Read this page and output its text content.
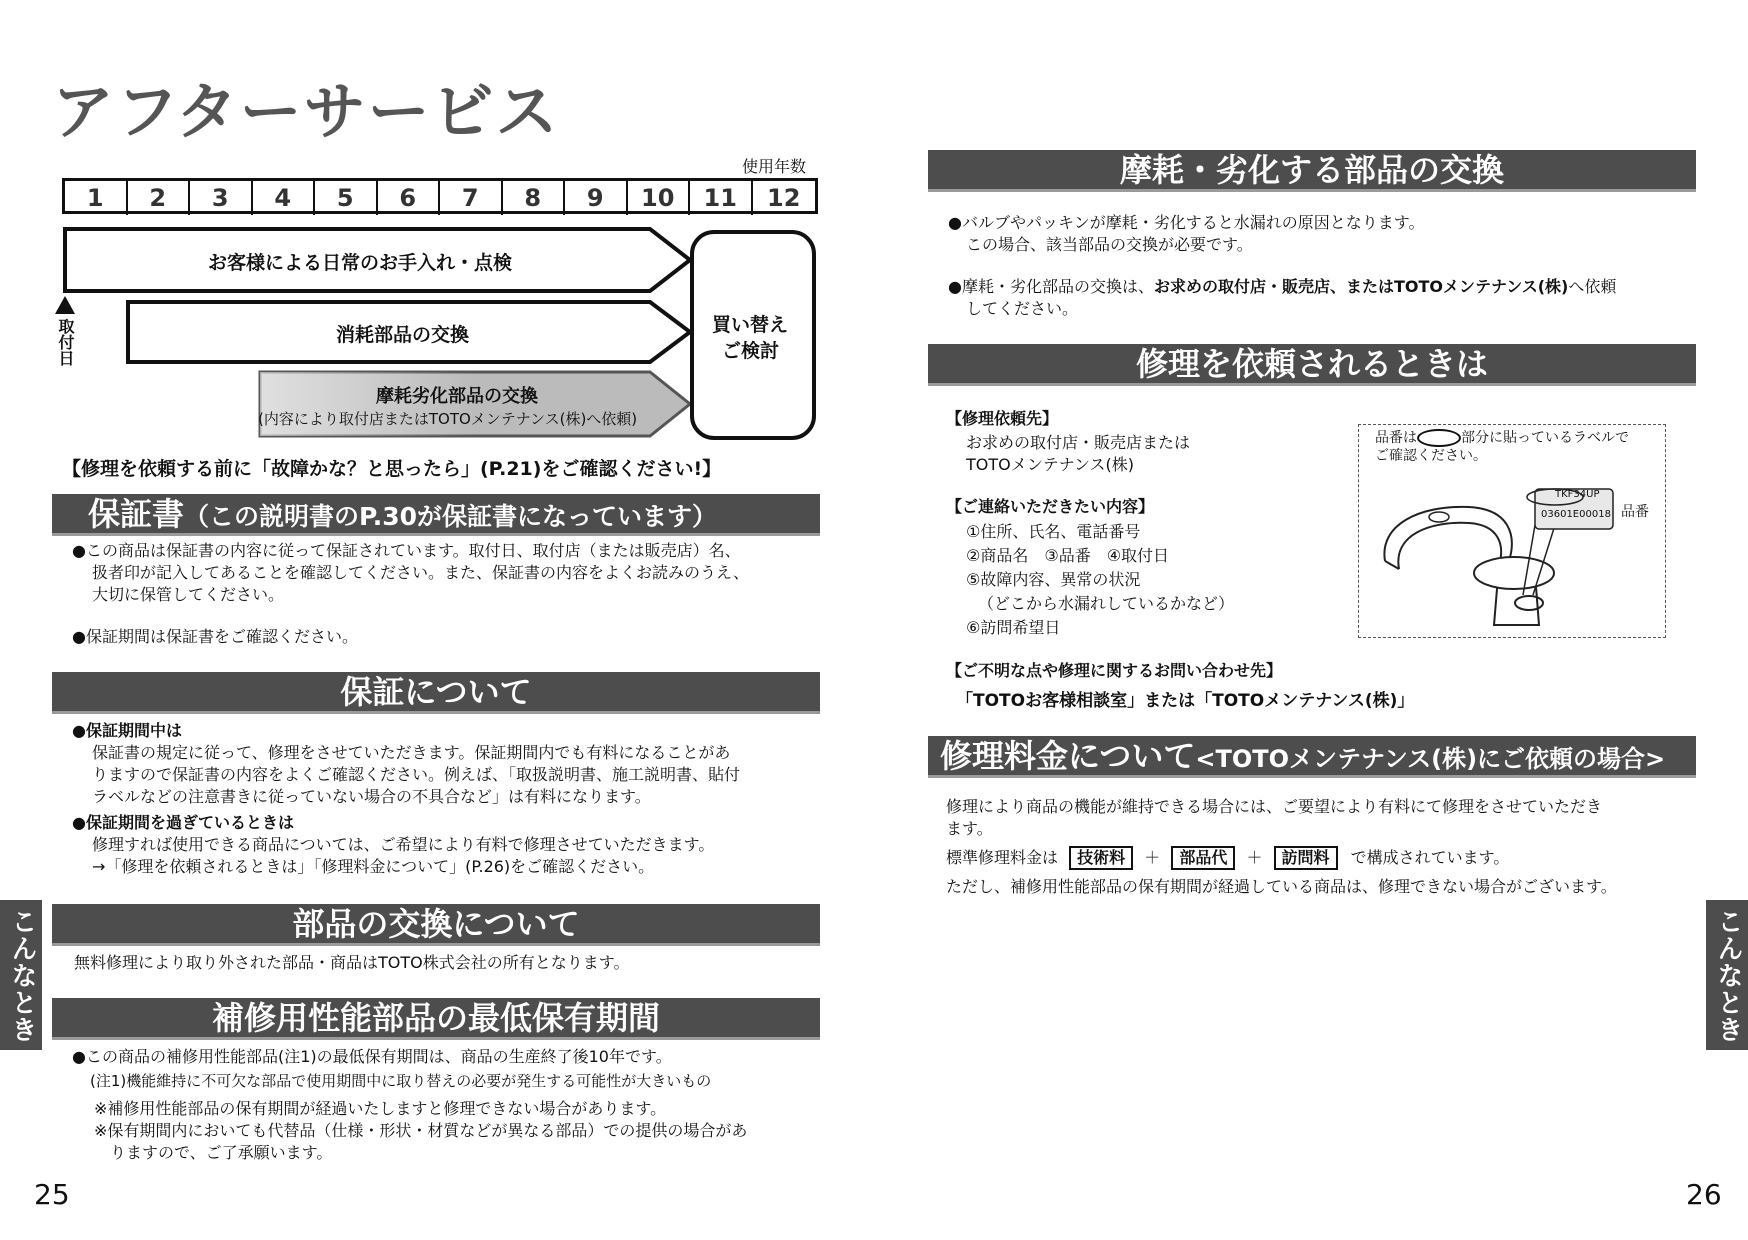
アフターサービス
使用年数
1	2	3	4	5	6	7	8	9	10	11	12
お客様による日常のお手入れ・点検
消耗部品の交換
摩耗劣化部品の交換
(内容により取付店またはTOTOメンテナンス(株)へ依頼)
買い替え
ご検討
取付日
【修理を依頼する前に「故障かな？と思ったら」(P.21)をご確認ください!】
保証書（この説明書のP.30が保証書になっています）
●この商品は保証書の内容に従って保証されています。取付日、取付店（または販売店）名、
扱者印が記入してあることを確認してください。また、保証書の内容をよくお読みのうえ、
大切に保管してください。
●保証期間は保証書をご確認ください。
保証について
●保証期間中は
保証書の規定に従って、修理をさせていただきます。保証期間内でも有料になることがあ
りますので保証書の内容をよくご確認ください。例えば、「取扱説明書、施工説明書、貼付
ラベルなどの注意書きに従っていない場合の不具合など」は有料になります。
●保証期間を過ぎているときは
修理すれば使用できる商品については、ご希望により有料で修理させていただきます。
→「修理を依頼されるときは」「修理料金について」(P.26)をご確認ください。
部品の交換について
無料修理により取り外された部品・商品はTOTO株式会社の所有となります。
補修用性能部品の最低保有期間
●この商品の補修用性能部品(注1)の最低保有期間は、商品の生産終了後10年です。
(注1)機能維持に不可欠な部品で使用期間中に取り替えの必要が発生する可能性が大きいもの
※補修用性能部品の保有期間が経過いたしますと修理できない場合があります。
※保有期間内においても代替品（仕様・形状・材質などが異なる部品）での提供の場合があ
りますので、ご了承願います。
25
こんなとき
摩耗・劣化する部品の交換
●バルブやパッキンが摩耗・劣化すると水漏れの原因となります。
この場合、該当部品の交換が必要です。
●摩耗・劣化部品の交換は、お求めの取付店・販売店、またはTOTOメンテナンス(株)へ依頼
してください。
修理を依頼されるときは
【修理依頼先】
お求めの取付店・販売店または
TOTOメンテナンス(株)
【ご連絡いただきたい内容】
①住所、氏名、電話番号
②商品名　③品番　④取付日
⑤故障内容、異常の状況
（どこから水漏れしているかなど）
⑥訪問希望日
品番は	部分に貼っているラベルで
ご確認ください。
TKF34UP
03601E00018 品番
【ご不明な点や修理に関するお問い合わせ先】
「TOTOお客様相談室」または「TOTOメンテナンス(株)」
修理料金について<TOTOメンテナンス(株)にご依頼の場合>
修理により商品の機能が維持できる場合には、ご要望により有料にて修理をさせていただき
ます。
標準修理料金は 技術料 ＋ 部品代 ＋ 訪問料 で構成されています。
ただし、補修用性能部品の保有期間が経過している商品は、修理できない場合がございます。
26
こんなときは
